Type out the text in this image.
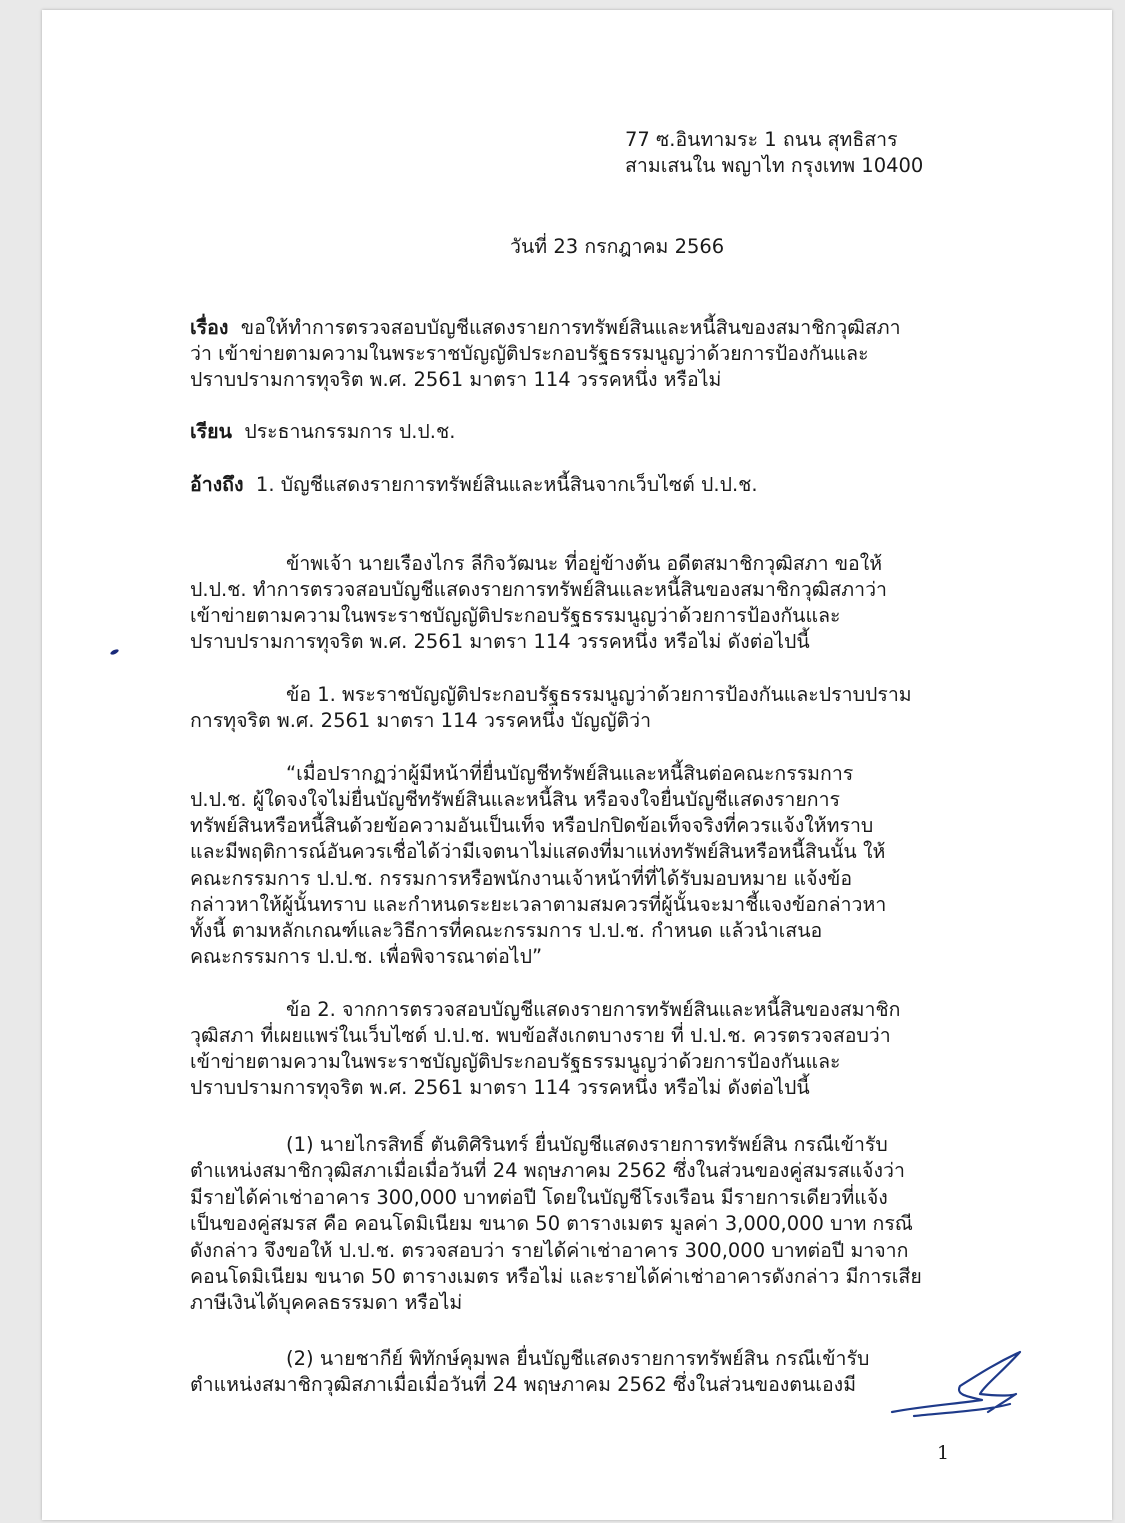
77 ซ.อินทามระ 1 ถนน สุทธิสาร
สามเสนใน พญาไท กรุงเทพ 10400
วันที่ 23 กรกฎาคม 2566
เรื่อง ขอให้ทำการตรวจสอบบัญชีแสดงรายการทรัพย์สินและหนี้สินของสมาชิกวุฒิสภา
ว่า เข้าข่ายตามความในพระราชบัญญัติประกอบรัฐธรรมนูญว่าด้วยการป้องกันและ
ปราบปรามการทุจริต พ.ศ. 2561 มาตรา 114 วรรคหนึ่ง หรือไม่
เรียน ประธานกรรมการ ป.ป.ช.
อ้างถึง 1. บัญชีแสดงรายการทรัพย์สินและหนี้สินจากเว็บไซต์ ป.ป.ช.
ข้าพเจ้า นายเรืองไกร ลีกิจวัฒนะ ที่อยู่ข้างต้น อดีตสมาชิกวุฒิสภา ขอให้
ป.ป.ช. ทำการตรวจสอบบัญชีแสดงรายการทรัพย์สินและหนี้สินของสมาชิกวุฒิสภาว่า
เข้าข่ายตามความในพระราชบัญญัติประกอบรัฐธรรมนูญว่าด้วยการป้องกันและ
ปราบปรามการทุจริต พ.ศ. 2561 มาตรา 114 วรรคหนึ่ง หรือไม่ ดังต่อไปนี้
ข้อ 1. พระราชบัญญัติประกอบรัฐธรรมนูญว่าด้วยการป้องกันและปราบปราม
การทุจริต พ.ศ. 2561 มาตรา 114 วรรคหนึ่ง บัญญัติว่า
“เมื่อปรากฏว่าผู้มีหน้าที่ยื่นบัญชีทรัพย์สินและหนี้สินต่อคณะกรรมการ
ป.ป.ช. ผู้ใดจงใจไม่ยื่นบัญชีทรัพย์สินและหนี้สิน หรือจงใจยื่นบัญชีแสดงรายการ
ทรัพย์สินหรือหนี้สินด้วยข้อความอันเป็นเท็จ หรือปกปิดข้อเท็จจริงที่ควรแจ้งให้ทราบ
และมีพฤติการณ์อันควรเชื่อได้ว่ามีเจตนาไม่แสดงที่มาแห่งทรัพย์สินหรือหนี้สินนั้น ให้
คณะกรรมการ ป.ป.ช. กรรมการหรือพนักงานเจ้าหน้าที่ที่ได้รับมอบหมาย แจ้งข้อ
กล่าวหาให้ผู้นั้นทราบ และกำหนดระยะเวลาตามสมควรที่ผู้นั้นจะมาชี้แจงข้อกล่าวหา
ทั้งนี้ ตามหลักเกณฑ์และวิธีการที่คณะกรรมการ ป.ป.ช. กำหนด แล้วนำเสนอ
คณะกรรมการ ป.ป.ช. เพื่อพิจารณาต่อไป”
ข้อ 2. จากการตรวจสอบบัญชีแสดงรายการทรัพย์สินและหนี้สินของสมาชิก
วุฒิสภา ที่เผยแพร่ในเว็บไซต์ ป.ป.ช. พบข้อสังเกตบางราย ที่ ป.ป.ช. ควรตรวจสอบว่า
เข้าข่ายตามความในพระราชบัญญัติประกอบรัฐธรรมนูญว่าด้วยการป้องกันและ
ปราบปรามการทุจริต พ.ศ. 2561 มาตรา 114 วรรคหนึ่ง หรือไม่ ดังต่อไปนี้
(1) นายไกรสิทธิ์ ตันติศิรินทร์ ยื่นบัญชีแสดงรายการทรัพย์สิน กรณีเข้ารับ
ตำแหน่งสมาชิกวุฒิสภาเมื่อเมื่อวันที่ 24 พฤษภาคม 2562 ซึ่งในส่วนของคู่สมรสแจ้งว่า
มีรายได้ค่าเช่าอาคาร 300,000 บาทต่อปี โดยในบัญชีโรงเรือน มีรายการเดียวที่แจ้ง
เป็นของคู่สมรส คือ คอนโดมิเนียม ขนาด 50 ตารางเมตร มูลค่า 3,000,000 บาท กรณี
ดังกล่าว จึงขอให้ ป.ป.ช. ตรวจสอบว่า รายได้ค่าเช่าอาคาร 300,000 บาทต่อปี มาจาก
คอนโดมิเนียม ขนาด 50 ตารางเมตร หรือไม่ และรายได้ค่าเช่าอาคารดังกล่าว มีการเสีย
ภาษีเงินได้บุคคลธรรมดา หรือไม่
(2) นายชากีย์ พิทักษ์คุมพล ยื่นบัญชีแสดงรายการทรัพย์สิน กรณีเข้ารับ
ตำแหน่งสมาชิกวุฒิสภาเมื่อเมื่อวันที่ 24 พฤษภาคม 2562 ซึ่งในส่วนของตนเองมี
1
